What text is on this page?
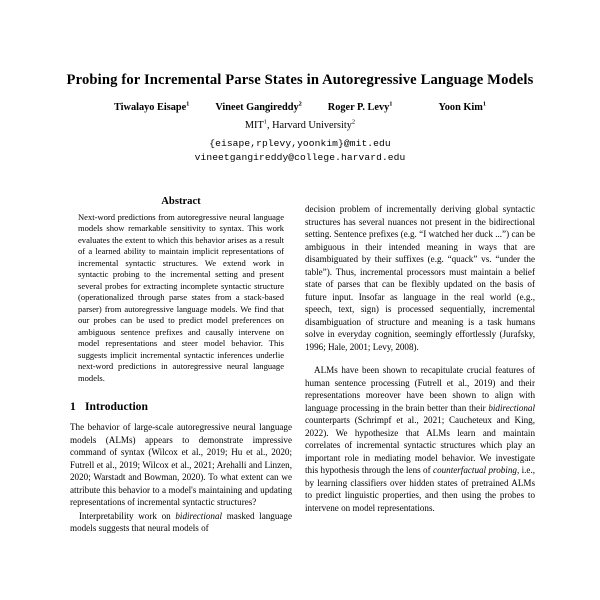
Probing for Incremental Parse States in Autoregressive Language Models
Tiwalayo Eisape$^1$	Vineet Gangireddy$^2$	Roger P. Levy$^1$	Yoon Kim$^1$
MIT$^1$, Harvard University$^2$
{eisape,rplevy,yoonkim}@mit.edu
vineetgangireddy@college.harvard.edu
Abstract

Next-word predictions from autoregressive neural language models show remarkable sensitivity to syntax. This work evaluates the extent to which this behavior arises as a result of a learned ability to maintain implicit representations of incremental syntactic structures. We extend work in syntactic probing to the incremental setting and present several probes for extracting incomplete syntactic structure (operationalized through parse states from a stack-based parser) from autoregressive language models. We find that our probes can be used to predict model preferences on ambiguous sentence prefixes and causally intervene on model representations and steer model behavior. This suggests implicit incremental syntactic inferences underlie next-word predictions in autoregressive neural language models.

1 Introduction

The behavior of large-scale autoregressive neural language models (ALMs) appears to demonstrate impressive command of syntax (Wilcox et al., 2019; Hu et al., 2020; Futrell et al., 2019; Wilcox et al., 2021; Arehalli and Linzen, 2020; Warstadt and Bowman, 2020). To what extent can we attribute this behavior to a model's maintaining and updating representations of incremental syntactic structures?

Interpretability work on bidirectional masked language models suggests that neural models of

decision problem of incrementally deriving global syntactic structures has several nuances not present in the bidirectional setting. Sentence prefixes (e.g. “I watched her duck ...”) can be ambiguous in their intended meaning in ways that are disambiguated by their suffixes (e.g. “quack” vs. “under the table”). Thus, incremental processors must maintain a belief state of parses that can be flexibly updated on the basis of future input. Insofar as language in the real world (e.g., speech, text, sign) is processed sequentially, incremental disambiguation of structure and meaning is a task humans solve in everyday cognition, seemingly effortlessly (Jurafsky, 1996; Hale, 2001; Levy, 2008).

ALMs have been shown to recapitulate crucial features of human sentence processing (Futrell et al., 2019) and their representations moreover have been shown to align with language processing in the brain better than their bidirectional counterparts (Schrimpf et al., 2021; Caucheteux and King, 2022). We hypothesize that ALMs learn and maintain correlates of incremental syntactic structures which play an important role in mediating model behavior. We investigate this hypothesis through the lens of counterfactual probing, i.e., by learning classifiers over hidden states of pretrained ALMs to predict linguistic properties, and then using the probes to intervene on model representations.
